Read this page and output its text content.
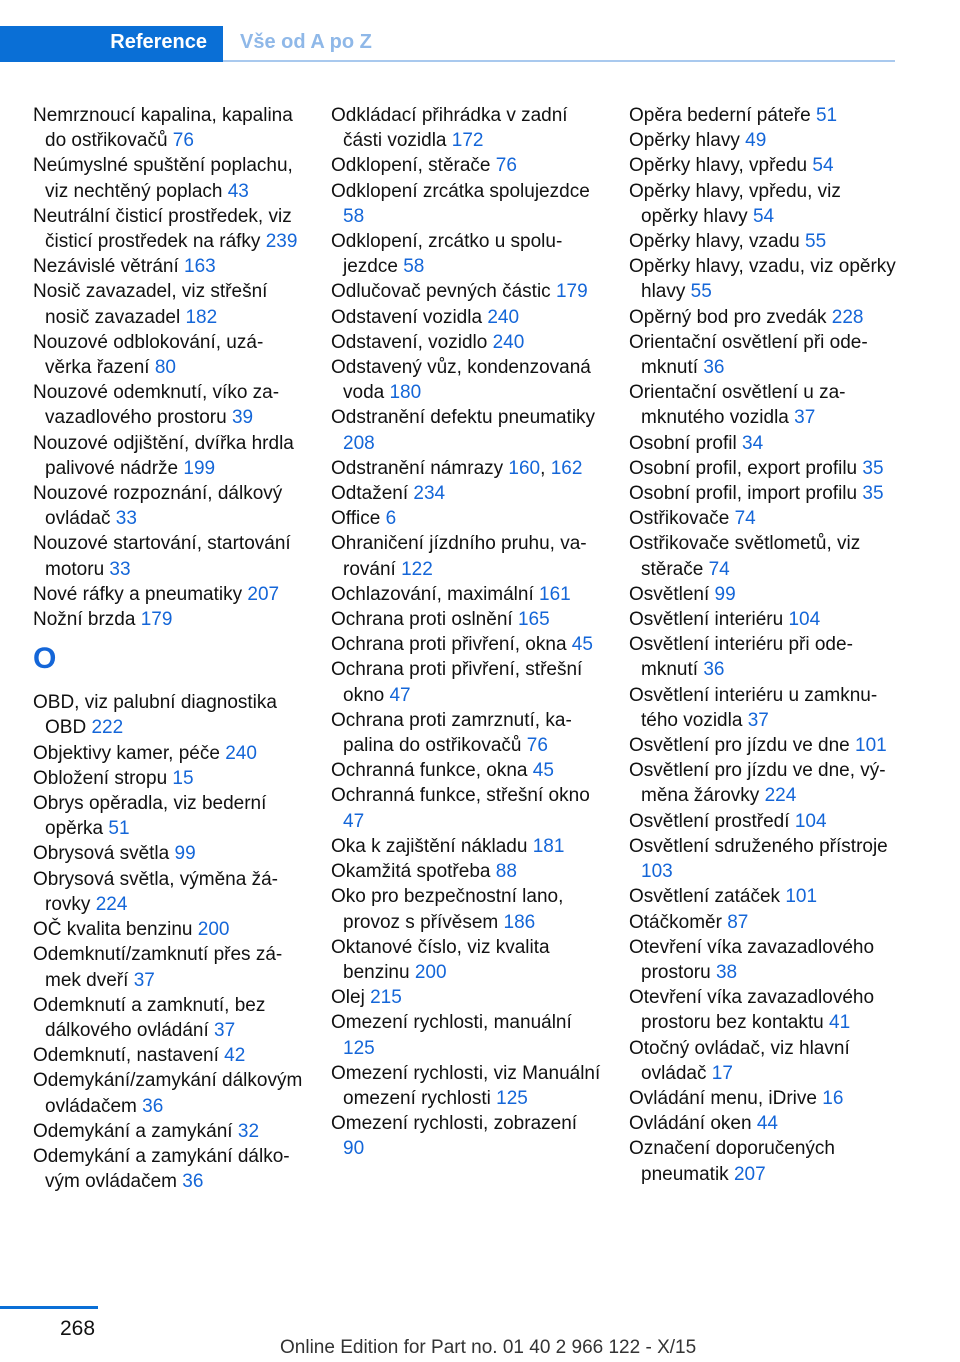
Reference Vše od A po Z
Nemrznoucí kapalina, kapalina do ostřikovačů 76
Neúmyslné spuštění poplachu, viz nechtěný poplach 43
Neutrální čisticí prostředek, viz čisticí prostředek na ráfky 239
Nezávislé větrání 163
Nosič zavazadel, viz střešní nosič zavazadel 182
Nouzové odblokování, uzávěrka řazení 80
Nouzové odemknutí, víko zavazadlového prostoru 39
Nouzové odjištění, dvířka hrdla palivové nádrže 199
Nouzové rozpoznání, dálkový ovládač 33
Nouzové startování, startování motoru 33
Nové ráfky a pneumatiky 207
Nožní brzda 179
O
OBD, viz palubní diagnostika OBD 222
Objektivy kamer, péče 240
Obložení stropu 15
Obrys opěradla, viz bederní opěrka 51
Obrysová světla 99
Obrysová světla, výměna žárovky 224
OČ kvalita benzinu 200
Odemknutí/zamknutí přes zámek dveří 37
Odemknutí a zamknutí, bez dálkového ovládání 37
Odemknutí, nastavení 42
Odemykání/zamykání dálkovým ovládačem 36
Odemykání a zamykání 32
Odemykání a zamykání dálkovým ovládačem 36
Odkládací přihrádka v zadní části vozidla 172
Odklopení, stěrače 76
Odklopení zrcátka spolujezdce 58
Odklopení, zrcátko u spolujezdce 58
Odlučovač pevných částic 179
Odstavení vozidla 240
Odstavení, vozidlo 240
Odstavený vůz, kondenzovaná voda 180
Odstranění defektu pneumatiky 208
Odstranění námrazy 160, 162
Odtažení 234
Office 6
Ohraničení jízdního pruhu, varování 122
Ochlazování, maximální 161
Ochrana proti oslnění 165
Ochrana proti přivření, okna 45
Ochrana proti přivření, střešní okno 47
Ochrana proti zamrznutí, kapalina do ostřikovačů 76
Ochranná funkce, okna 45
Ochranná funkce, střešní okno 47
Oka k zajištění nákladu 181
Okamžitá spotřeba 88
Oko pro bezpečnostní lano, provoz s přívěsem 186
Oktanové číslo, viz kvalita benzinu 200
Olej 215
Omezení rychlosti, manuální 125
Omezení rychlosti, viz Manuální omezení rychlosti 125
Omezení rychlosti, zobrazení 90
Opěra bederní páteře 51
Opěrky hlavy 49
Opěrky hlavy, vpředu 54
Opěrky hlavy, vpředu, viz opěrky hlavy 54
Opěrky hlavy, vzadu 55
Opěrky hlavy, vzadu, viz opěrky hlavy 55
Opěrný bod pro zvedák 228
Orientační osvětlení při odemknutí 36
Orientační osvětlení u zamknutého vozidla 37
Osobní profil 34
Osobní profil, export profilu 35
Osobní profil, import profilu 35
Ostřikovače 74
Ostřikovače světlometů, viz stěrače 74
Osvětlení 99
Osvětlení interiéru 104
Osvětlení interiéru při odemknutí 36
Osvětlení interiéru u zamknutého vozidla 37
Osvětlení pro jízdu ve dne 101
Osvětlení pro jízdu ve dne, výměna žárovky 224
Osvětlení prostředí 104
Osvětlení sdruženého přístroje 103
Osvětlení zatáček 101
Otáčkoměr 87
Otevření víka zavazadlového prostoru 38
Otevření víka zavazadlového prostoru bez kontaktu 41
Otočný ovládač, viz hlavní ovládač 17
Ovládání menu, iDrive 16
Ovládání oken 44
Označení doporučených pneumatik 207
268
Online Edition for Part no. 01 40 2 966 122 - X/15
